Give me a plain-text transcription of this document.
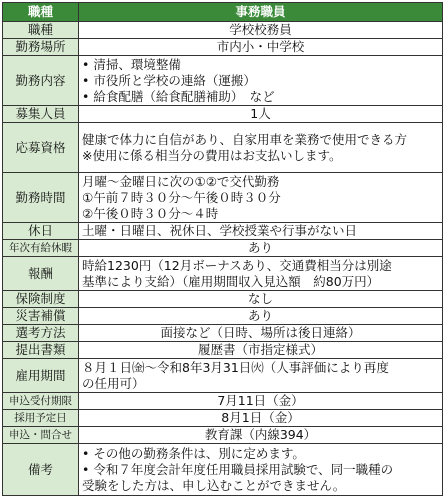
職種	事務職員
職種	学校校務員
勤務場所	市内小・中学校
勤務内容	• 清掃、環境整備
• 市役所と学校の連絡（運搬）
• 給食配膳（給食配膳補助）　など

募集人員	1人
応募資格	健康で体力に自信があり、自家用車を業務で使用できる方
※使用に係る相当分の費用はお支払いします。

勤務時間	月曜～金曜日に次の①②で交代勤務
①午前７時３０分～午後０時３０分
②午後０時３０分～４時

休日	土曜・日曜日、祝休日、学校授業や行事がない日
年次有給休暇	あり
報酬	時給1230円（12月ボーナスあり、交通費相当分は別途
基準により支給）（雇用期間収入見込額　約80万円）

保険制度	なし
災害補償	あり
選考方法	面接など（日時、場所は後日連絡）
提出書類	履歴書（市指定様式）
雇用期間	８月１日㈮～令和8年3月31日㈫（人事評価により再度
の任用可）

申込受付期限	7月11日（金）
採用予定日	8月1日（金）
申込・問合せ	教育課（内線394）
備考	• その他の勤務条件は、別に定めます。
• 令和７年度会計年度任用職員採用試験で、同一職種の
受験をした方は、申し込むことができません。
